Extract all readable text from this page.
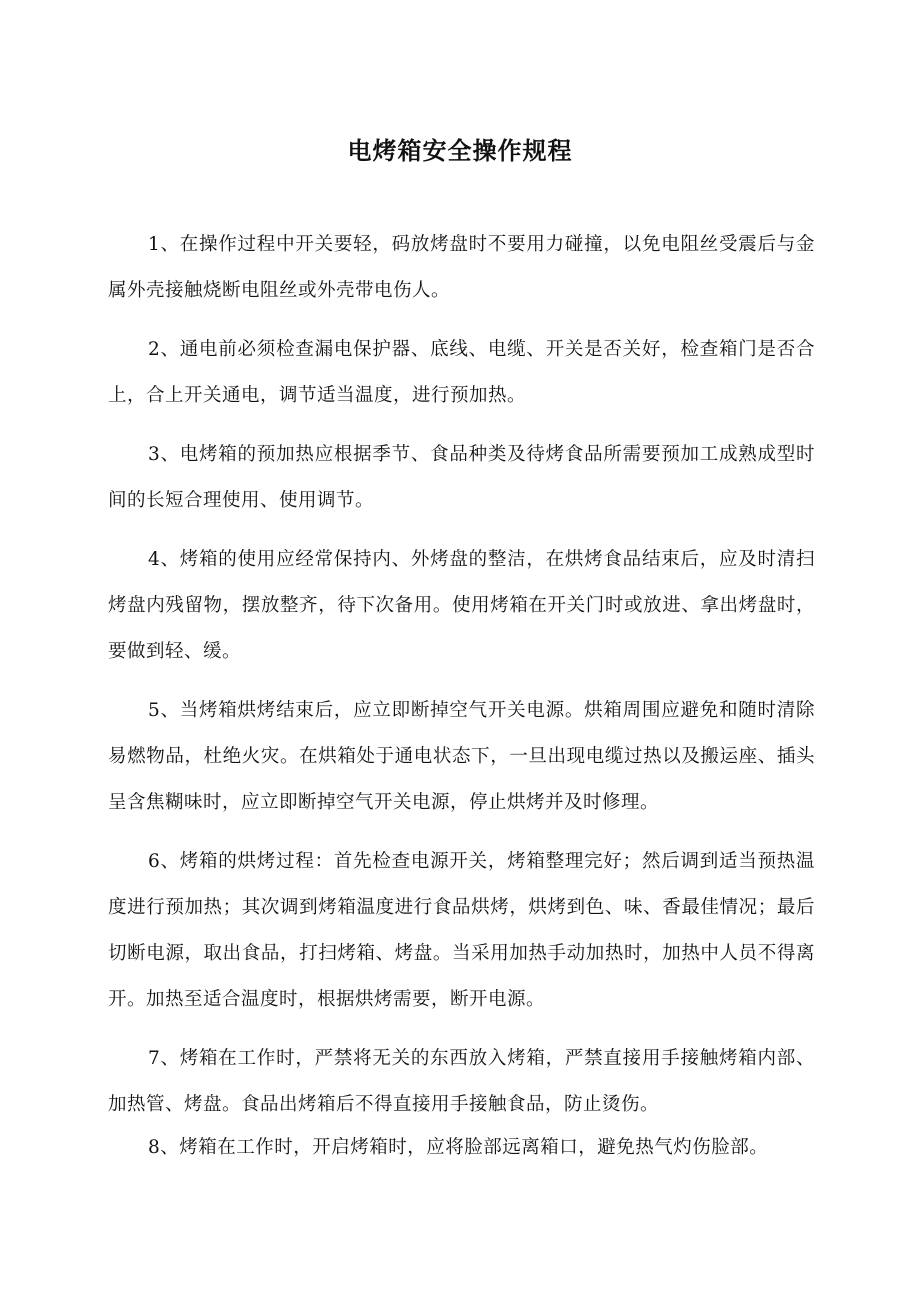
电烤箱安全操作规程

1、在操作过程中开关要轻，码放烤盘时不要用力碰撞，以免电阻丝受震后与金属外壳接触烧断电阻丝或外壳带电伤人。

2、通电前必须检查漏电保护器、底线、电缆、开关是否关好，检查箱门是否合上，合上开关通电，调节适当温度，进行预加热。

3、电烤箱的预加热应根据季节、食品种类及待烤食品所需要预加工成熟成型时间的长短合理使用、使用调节。

4、烤箱的使用应经常保持内、外烤盘的整洁，在烘烤食品结束后，应及时清扫烤盘内残留物，摆放整齐，待下次备用。使用烤箱在开关门时或放进、拿出烤盘时，要做到轻、缓。

5、当烤箱烘烤结束后，应立即断掉空气开关电源。烘箱周围应避免和随时清除易燃物品，杜绝火灾。在烘箱处于通电状态下，一旦出现电缆过热以及搬运座、插头呈含焦糊味时，应立即断掉空气开关电源，停止烘烤并及时修理。

6、烤箱的烘烤过程：首先检查电源开关，烤箱整理完好；然后调到适当预热温度进行预加热；其次调到烤箱温度进行食品烘烤，烘烤到色、味、香最佳情况；最后切断电源，取出食品，打扫烤箱、烤盘。当采用加热手动加热时，加热中人员不得离开。加热至适合温度时，根据烘烤需要，断开电源。

7、烤箱在工作时，严禁将无关的东西放入烤箱，严禁直接用手接触烤箱内部、加热管、烤盘。食品出烤箱后不得直接用手接触食品，防止烫伤。

8、烤箱在工作时，开启烤箱时，应将脸部远离箱口，避免热气灼伤脸部。
